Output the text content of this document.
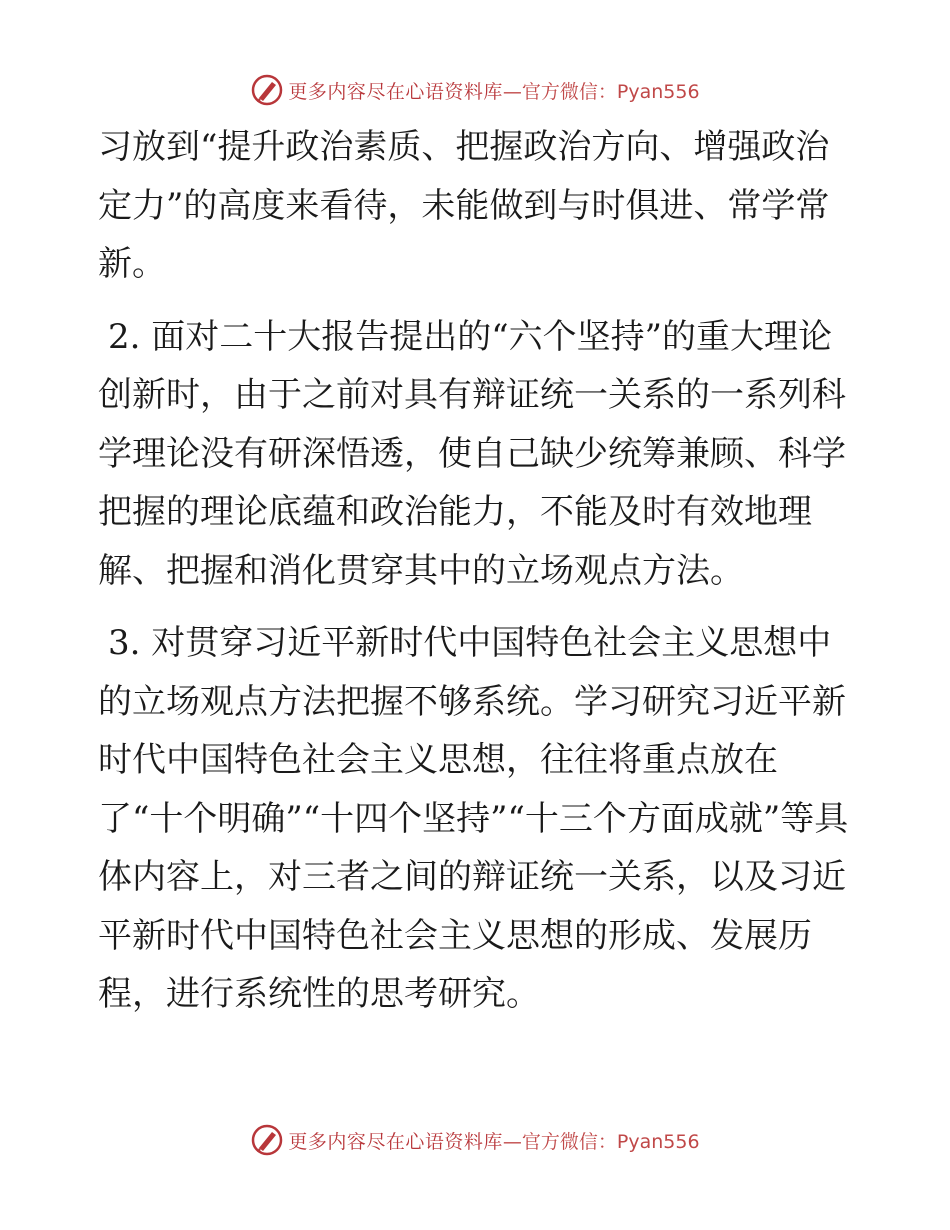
更多内容尽在心语资料库 —官方微信：Pyan556

习放到“提升政治素质、把握政治方向、增强政治定力”的高度来看待，未能做到与时俱进、常学常新。

2. 面对二十大报告提出的“六个坚持”的重大理论创新时，由于之前对具有辩证统一关系的一系列科学理论没有研深悟透，使自己缺少统筹兼顾、科学把握的理论底蕴和政治能力，不能及时有效地理解、把握和消化贯穿其中的立场观点方法。

3. 对贯穿习近平新时代中国特色社会主义思想中的立场观点方法把握不够系统。学习研究习近平新时代中国特色社会主义思想，往往将重点放在了“十个明确”“十四个坚持”“十三个方面成就”等具体内容上，对三者之间的辩证统一关系，以及习近平新时代中国特色社会主义思想的形成、发展历程，进行系统性的思考研究。

更多内容尽在心语资料库 —官方微信：Pyan556
